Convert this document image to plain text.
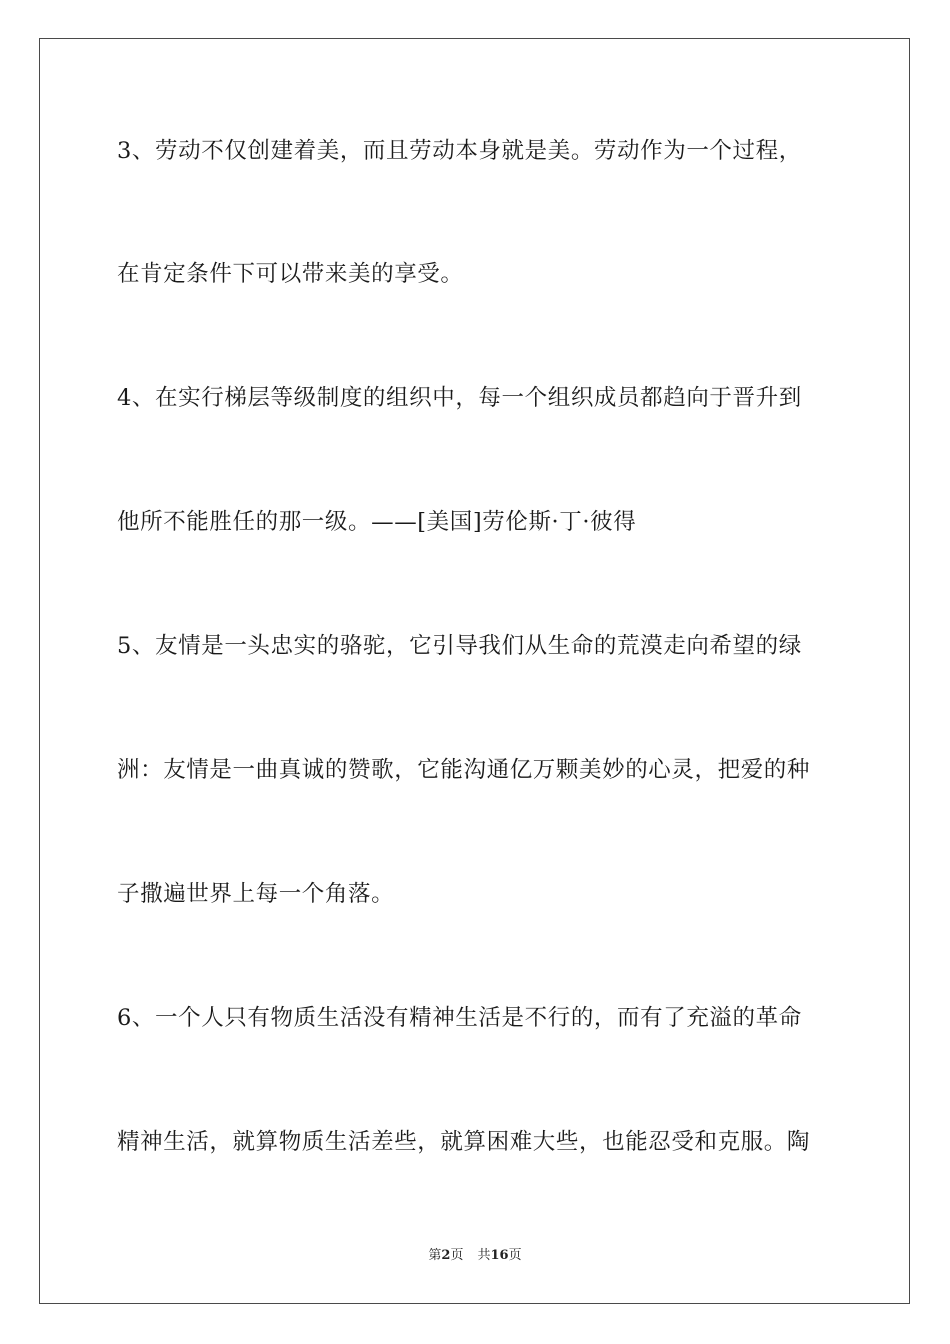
3、劳动不仅创建着美，而且劳动本身就是美。劳动作为一个过程，
在肯定条件下可以带来美的享受。
4、在实行梯层等级制度的组织中，每一个组织成员都趋向于晋升到
他所不能胜任的那一级。——[美国]劳伦斯·丁·彼得
5、友情是一头忠实的骆驼，它引导我们从生命的荒漠走向希望的绿
洲：友情是一曲真诚的赞歌，它能沟通亿万颗美妙的心灵，把爱的种
子撒遍世界上每一个角落。
6、一个人只有物质生活没有精神生活是不行的，而有了充溢的革命
精神生活，就算物质生活差些，就算困难大些，也能忍受和克服。陶
第2页 共16页
